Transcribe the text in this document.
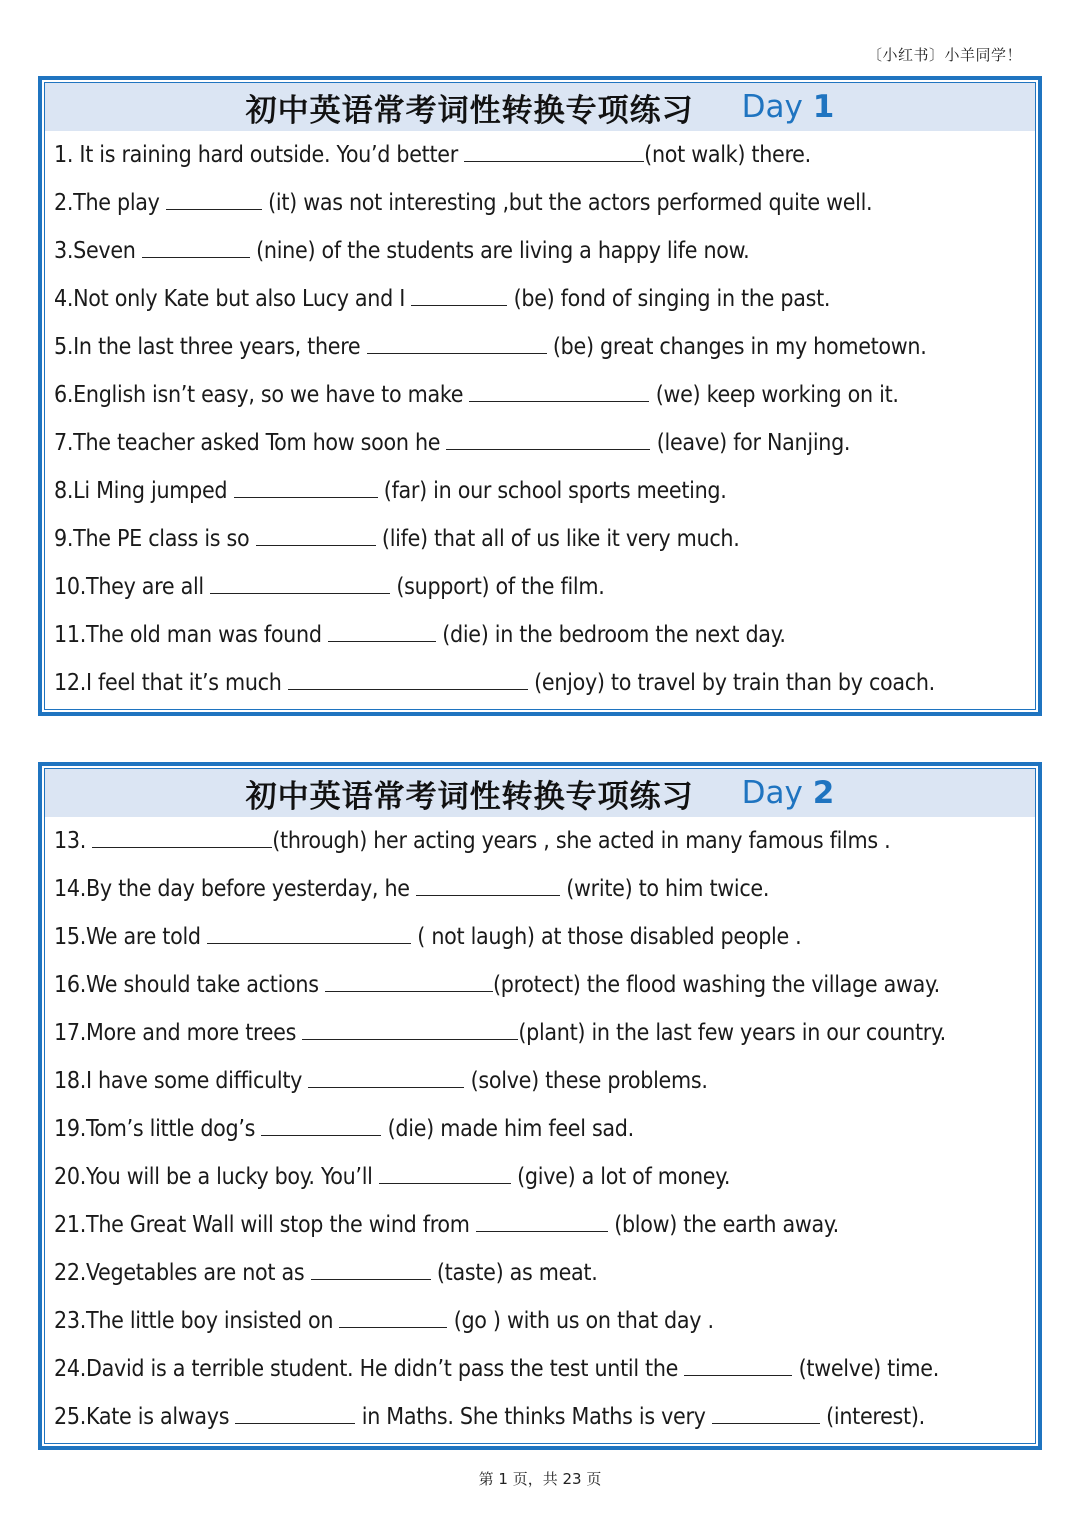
〔小红书〕小羊同学！
初中英语常考词性转换专项练习 Day 1
1. It is raining hard outside. You’d better	(not walk) there.
2.The play	(it) was not interesting ,but the actors performed quite well.
3.Seven	(nine) of the students are living a happy life now.
4.Not only Kate but also Lucy and I	(be) fond of singing in the past.
5.In the last three years, there	(be) great changes in my hometown.
6.English isn’t easy, so we have to make	(we) keep working on it.
7.The teacher asked Tom how soon he	(leave) for Nanjing.
8.Li Ming jumped	(far) in our school sports meeting.
9.The PE class is so	(life) that all of us like it very much.
10.They are all	(support) of the film.
11.The old man was found	(die) in the bedroom the next day.
12.I feel that it’s much	(enjoy) to travel by train than by coach.
初中英语常考词性转换专项练习 Day 2
13.	(through) her acting years , she acted in many famous films .
14.By the day before yesterday, he	(write) to him twice.
15.We are told	( not laugh) at those disabled people .
16.We should take actions	(protect) the flood washing the village away.
17.More and more trees	(plant) in the last few years in our country.
18.I have some difficulty	(solve) these problems.
19.Tom’s little dog’s	(die) made him feel sad.
20.You will be a lucky boy. You’ll	(give) a lot of money.
21.The Great Wall will stop the wind from	(blow) the earth away.
22.Vegetables are not as	(taste) as meat.
23.The little boy insisted on	(go ) with us on that day .
24.David is a terrible student. He didn’t pass the test until the	(twelve) time.
25.Kate is always	in Maths. She thinks Maths is very	(interest).
第 1 页，共 23 页
